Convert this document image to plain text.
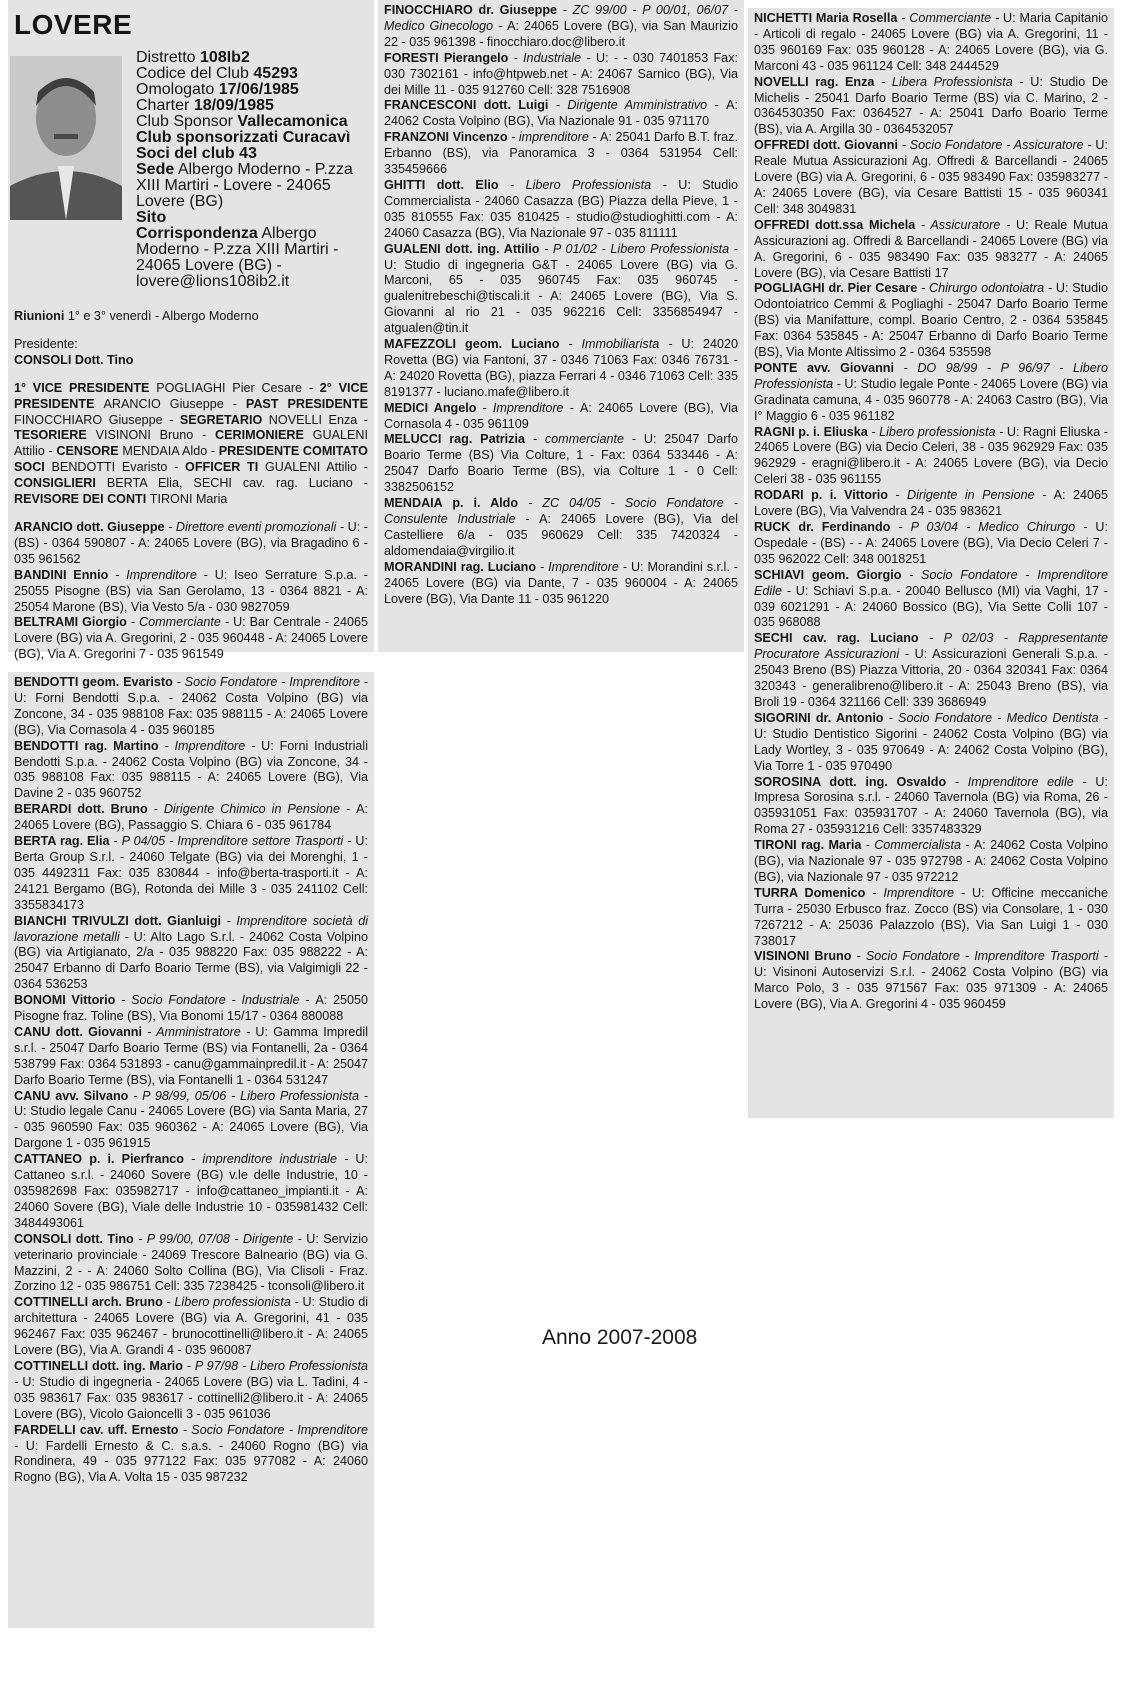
LOVERE
Riunioni 1° e 3° venerdì - Albergo Moderno
Presidente:
CONSOLI Dott. Tino
1° VICE PRESIDENTE POGLIAGHI Pier Cesare - 2° VICE PRESIDENTE ARANCIO Giuseppe - PAST PRESIDENTE FINOCCHIARO Giuseppe - SEGRETARIO NOVELLI Enza - TESORIERE VISINONI Bruno - CERIMONIERE GUALENI Attilio - CENSORE MENDAIA Aldo - PRESIDENTE COMITATO SOCI BENDOTTI Evaristo - OFFICER TI GUALENI Attilio - CONSIGLIERI BERTA Elia, SECHI cav. rag. Luciano - REVISORE DEI CONTI TIRONI Maria
ARANCIO dott. Giuseppe - Direttore eventi promozionali - U: - (BS) - 0364 590807 - A: 24065 Lovere (BG), via Bragadino 6 - 035 961562
BANDINI Ennio - Imprenditore - U: Iseo Serrature S.p.a. - 25055 Pisogne (BS) via San Gerolamo, 13 - 0364 8821 - A: 25054 Marone (BS), Via Vesto 5/a - 030 9827059
BELTRAMI Giorgio - Commerciante - U: Bar Centrale - 24065 Lovere (BG) via A. Gregorini, 2 - 035 960448 - A: 24065 Lovere (BG), Via A. Gregorini 7 - 035 961549
Distretto 108Ib2
Codice del Club 45293
Omologato 17/06/1985
Charter 18/09/1985
Club Sponsor Vallecamonica
Club sponsorizzati Curacavì
Soci del club 43
Sede Albergo Moderno - P.zza XIII Martiri - Lovere - 24065 Lovere (BG)
Sito
Corrispondenza Albergo Moderno - P.zza XIII Martiri - 24065 Lovere (BG) - lovere@lions108ib2.it
BENDOTTI geom. Evaristo - Socio Fondatore - Imprenditore - U: Forni Bendotti S.p.a. - 24062 Costa Volpino (BG) via Zoncone, 34 - 035 988108 Fax: 035 988115 - A: 24065 Lovere (BG), Via Cornasola 4 - 035 960185
BENDOTTI rag. Martino - Imprenditore - U: Forni Industriali Bendotti S.p.a. - 24062 Costa Volpino (BG) via Zoncone, 34 - 035 988108 Fax: 035 988115 - A: 24065 Lovere (BG), Via Davine 2 - 035 960752
BERARDI dott. Bruno - Dirigente Chimico in Pensione - A: 24065 Lovere (BG), Passaggio S. Chiara 6 - 035 961784
BERTA rag. Elia - P 04/05 - Imprenditore settore Trasporti - U: Berta Group S.r.l. - 24060 Telgate (BG) via dei Morenghi, 1 - 035 4492311 Fax: 035 830844 - info@berta-trasporti.it - A: 24121 Bergamo (BG), Rotonda dei Mille 3 - 035 241102 Cell: 3355834173
BIANCHI TRIVULZI dott. Gianluigi - Imprenditore società di lavorazione metalli - U: Alto Lago S.r.l. - 24062 Costa Volpino (BG) via Artigianato, 2/a - 035 988220 Fax: 035 988222 - A: 25047 Erbanno di Darfo Boario Terme (BS), via Valgimigli 22 - 0364 536253
BONOMI Vittorio - Socio Fondatore - Industriale - A: 25050 Pisogne fraz. Toline (BS), Via Bonomi 15/17 - 0364 880088
CANU dott. Giovanni - Amministratore - U: Gamma Impredil s.r.l. - 25047 Darfo Boario Terme (BS) via Fontanelli, 2a - 0364 538799 Fax: 0364 531893 - canu@gammainpredil.it - A: 25047 Darfo Boario Terme (BS), via Fontanelli 1 - 0364 531247
CANU avv. Silvano - P 98/99, 05/06 - Libero Professionista - U: Studio legale Canu - 24065 Lovere (BG) via Santa Maria, 27 - 035 960590 Fax: 035 960362 - A: 24065 Lovere (BG), Via Dargone 1 - 035 961915
CATTANEO p. i. Pierfranco - imprenditore industriale - U: Cattaneo s.r.l. - 24060 Sovere (BG) v.le delle Industrie, 10 - 035982698 Fax: 035982717 - info@cattaneo_impianti.it - A: 24060 Sovere (BG), Viale delle Industrie 10 - 035981432 Cell: 3484493061
CONSOLI dott. Tino - P 99/00, 07/08 - Dirigente - U: Servizio veterinario provinciale - 24069 Trescore Balneario (BG) via G. Mazzini, 2 - - A: 24060 Solto Collina (BG), Via Clisoli - Fraz. Zorzino 12 - 035 986751 Cell: 335 7238425 - tconsoli@libero.it
COTTINELLI arch. Bruno - Libero professionista - U: Studio di architettura - 24065 Lovere (BG) via A. Gregorini, 41 - 035 962467 Fax: 035 962467 - brunocottinelli@libero.it - A: 24065 Lovere (BG), Via A. Grandi 4 - 035 960087
COTTINELLI dott. ing. Mario - P 97/98 - Libero Professionista - U: Studio di ingegneria - 24065 Lovere (BG) via L. Tadini, 4 - 035 983617 Fax: 035 983617 - cottinelli2@libero.it - A: 24065 Lovere (BG), Vicolo Gaioncelli 3 - 035 961036
FARDELLI cav. uff. Ernesto - Socio Fondatore - Imprenditore - U: Fardelli Ernesto & C. s.a.s. - 24060 Rogno (BG) via Rondinera, 49 - 035 977122 Fax: 035 977082 - A: 24060 Rogno (BG), Via A. Volta 15 - 035 987232
FINOCCHIARO dr. Giuseppe - ZC 99/00 - P 00/01, 06/07 - Medico Ginecologo - A: 24065 Lovere (BG), via San Maurizio 22 - 035 961398 - finocchiaro.doc@libero.it
FORESTI Pierangelo - Industriale - U: - - 030 7401853 Fax: 030 7302161 - info@htpweb.net - A: 24067 Sarnico (BG), Via dei Mille 11 - 035 912760 Cell: 328 7516908
FRANCESCONI dott. Luigi - Dirigente Amministrativo - A: 24062 Costa Volpino (BG), Via Nazionale 91 - 035 971170
FRANZONI Vincenzo - imprenditore - A: 25041 Darfo B.T. fraz. Erbanno (BS), via Panoramica 3 - 0364 531954 Cell: 335459666
GHITTI dott. Elio - Libero Professionista - U: Studio Commercialista - 24060 Casazza (BG) Piazza della Pieve, 1 - 035 810555 Fax: 035 810425 - studio@studioghitti.com - A: 24060 Casazza (BG), Via Nazionale 97 - 035 811111
GUALENI dott. ing. Attilio - P 01/02 - Libero Professionista - U: Studio di ingegneria G&T - 24065 Lovere (BG) via G. Marconi, 65 - 035 960745 Fax: 035 960745 - gualenitrebeschi@tiscali.it - A: 24065 Lovere (BG), Via S. Giovanni al rio 21 - 035 962216 Cell: 3356854947 - atgualen@tin.it
MAFEZZOLI geom. Luciano - Immobiliarista - U: 24020 Rovetta (BG) via Fantoni, 37 - 0346 71063 Fax: 0346 76731 - A: 24020 Rovetta (BG), piazza Ferrari 4 - 0346 71063 Cell: 335 8191377 - luciano.mafe@libero.it
MEDICI Angelo - Imprenditore - A: 24065 Lovere (BG), Via Cornasola 4 - 035 961109
MELUCCI rag. Patrizia - commerciante - U: 25047 Darfo Boario Terme (BS) Via Colture, 1 - Fax: 0364 533446 - A: 25047 Darfo Boario Terme (BS), via Colture 1 - 0 Cell: 3382506152
MENDAIA p. i. Aldo - ZC 04/05 - Socio Fondatore - Consulente Industriale - A: 24065 Lovere (BG), Via del Castelliere 6/a - 035 960629 Cell: 335 7420324 - aldomendaia@virgilio.it
MORANDINI rag. Luciano - Imprenditore - U: Morandini s.r.l. - 24065 Lovere (BG) via Dante, 7 - 035 960004 - A: 24065 Lovere (BG), Via Dante 11 - 035 961220
NICHETTI Maria Rosella - Commerciante - U: Maria Capitanio - Articoli di regalo - 24065 Lovere (BG) via A. Gregorini, 11 - 035 960169 Fax: 035 960128 - A: 24065 Lovere (BG), via G. Marconi 43 - 035 961124 Cell: 348 2444529
NOVELLI rag. Enza - Libera Professionista - U: Studio De Michelis - 25041 Darfo Boario Terme (BS) via C. Marino, 2 - 0364530350 Fax: 0364527 - A: 25041 Darfo Boario Terme (BS), via A. Argilla 30 - 0364532057
OFFREDI dott. Giovanni - Socio Fondatore - Assicuratore - U: Reale Mutua Assicurazioni Ag. Offredi & Barcellandi - 24065 Lovere (BG) via A. Gregorini, 6 - 035 983490 Fax: 035983277 - A: 24065 Lovere (BG), via Cesare Battisti 15 - 035 960341 Cell: 348 3049831
OFFREDI dott.ssa Michela - Assicuratore - U: Reale Mutua Assicurazioni ag. Offredi & Barcellandi - 24065 Lovere (BG) via A. Gregorini, 6 - 035 983490 Fax: 035 983277 - A: 24065 Lovere (BG), via Cesare Battisti 17
POGLIAGHI dr. Pier Cesare - Chirurgo odontoiatra - U: Studio Odontoiatrico Cemmi & Pogliaghi - 25047 Darfo Boario Terme (BS) via Manifatture, compl. Boario Centro, 2 - 0364 535845 Fax: 0364 535845 - A: 25047 Erbanno di Darfo Boario Terme (BS), Via Monte Altissimo 2 - 0364 535598
PONTE avv. Giovanni - DO 98/99 - P 96/97 - Libero Professionista - U: Studio legale Ponte - 24065 Lovere (BG) via Gradinata camuna, 4 - 035 960778 - A: 24063 Castro (BG), Via I° Maggio 6 - 035 961182
RAGNI p. i. Eliuska - Libero professionista - U: Ragni Eliuska - 24065 Lovere (BG) via Decio Celeri, 38 - 035 962929 Fax: 035 962929 - eragni@libero.it - A: 24065 Lovere (BG), via Decio Celeri 38 - 035 961155
RODARI p. i. Vittorio - Dirigente in Pensione - A: 24065 Lovere (BG), Via Valvendra 24 - 035 983621
RUCK dr. Ferdinando - P 03/04 - Medico Chirurgo - U: Ospedale - (BS) - - A: 24065 Lovere (BG), Via Decio Celeri 7 - 035 962022 Cell: 348 0018251
SCHIAVI geom. Giorgio - Socio Fondatore - Imprenditore Edile - U: Schiavi S.p.a. - 20040 Bellusco (MI) via Vaghi, 17 - 039 6021291 - A: 24060 Bossico (BG), Via Sette Colli 107 - 035 968088
SECHI cav. rag. Luciano - P 02/03 - Rappresentante Procuratore Assicurazioni - U: Assicurazioni Generali S.p.a. - 25043 Breno (BS) Piazza Vittoria, 20 - 0364 320341 Fax: 0364 320343 - generalibreno@libero.it - A: 25043 Breno (BS), via Broli 19 - 0364 321166 Cell: 339 3686949
SIGORINI dr. Antonio - Socio Fondatore - Medico Dentista - U: Studio Dentistico Sigorini - 24062 Costa Volpino (BG) via Lady Wortley, 3 - 035 970649 - A: 24062 Costa Volpino (BG), Via Torre 1 - 035 970490
SOROSINA dott. ing. Osvaldo - Imprenditore edile - U: Impresa Sorosina s.r.l. - 24060 Tavernola (BG) via Roma, 26 - 035931051 Fax: 035931707 - A: 24060 Tavernola (BG), via Roma 27 - 035931216 Cell: 3357483329
TIRONI rag. Maria - Commercialista - A: 24062 Costa Volpino (BG), via Nazionale 97 - 035 972798 - A: 24062 Costa Volpino (BG), via Nazionale 97 - 035 972212
TURRA Domenico - Imprenditore - U: Officine meccaniche Turra - 25030 Erbusco fraz. Zocco (BS) via Consolare, 1 - 030 7267212 - A: 25036 Palazzolo (BS), Via San Luigi 1 - 030 738017
VISINONI Bruno - Socio Fondatore - Imprenditore Trasporti - U: Visinoni Autoservizi S.r.l. - 24062 Costa Volpino (BG) via Marco Polo, 3 - 035 971567 Fax: 035 971309 - A: 24065 Lovere (BG), Via A. Gregorini 4 - 035 960459
Anno 2007-2008
